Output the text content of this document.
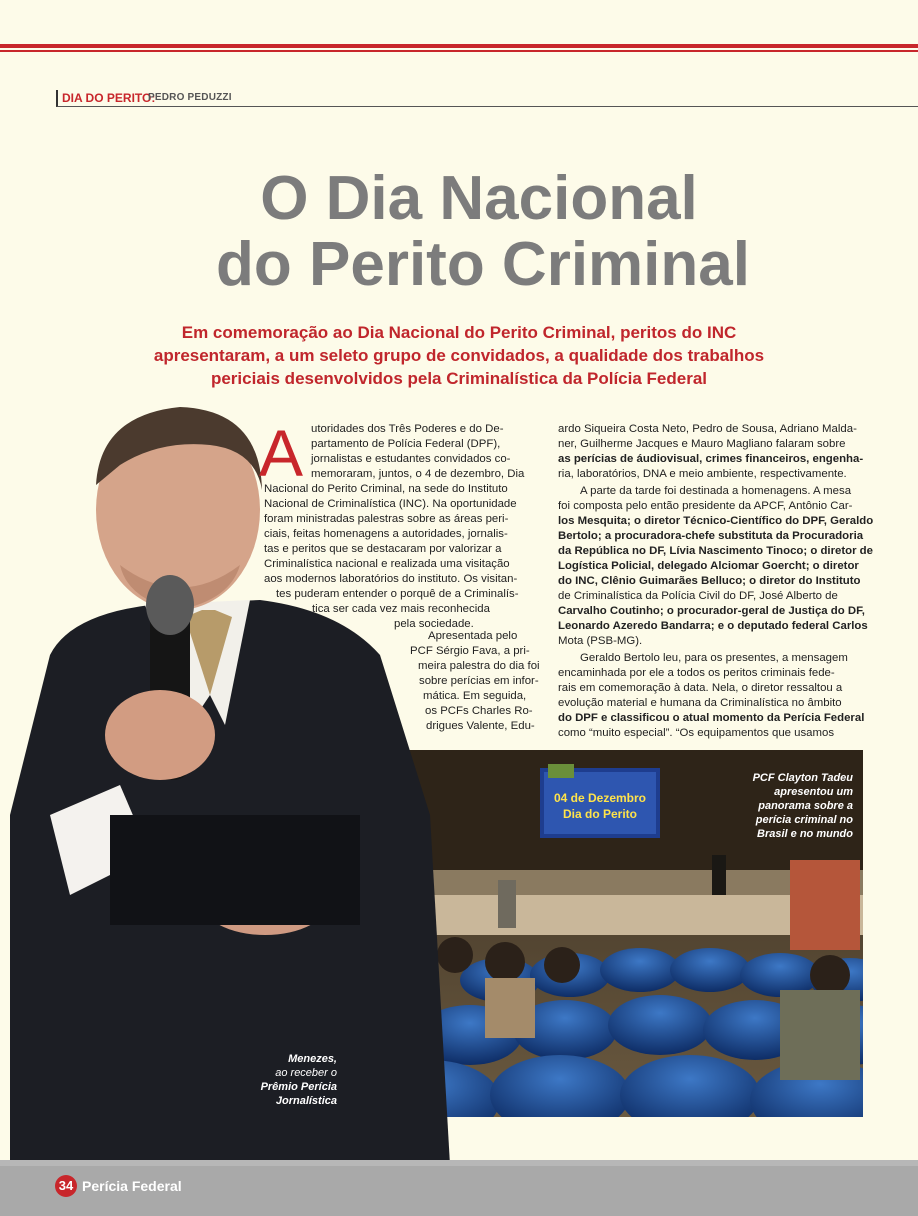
DIA DO PERITO:
PEDRO PEDUZZI
O Dia Nacional
do Perito Criminal
Em comemoração ao Dia Nacional do Perito Criminal, peritos do INC
apresentaram, a um seleto grupo de convidados, a qualidade dos trabalhos
periciais desenvolvidos pela Criminalística da Polícia Federal
04 de Dezembro
Dia do Perito
A utoridades dos Três Poderes e do De-
partamento de Polícia Federal (DPF),
jornalistas e estudantes convidados co-
memoraram, juntos, o 4 de dezembro, Dia
Nacional do Perito Criminal, na sede do Instituto
Nacional de Criminalística (INC). Na oportunidade
foram ministradas palestras sobre as áreas peri-
ciais, feitas homenagens a autoridades, jornalis-
tas e peritos que se destacaram por valorizar a
Criminalística nacional e realizada uma visitação
aos modernos laboratórios do instituto. Os visitan-
tes puderam entender o porquê de a Criminalís-
tica ser cada vez mais reconhecida
pela sociedade.
Apresentada pelo
PCF Sérgio Fava, a pri-
meira palestra do dia foi
sobre perícias em infor-
mática. Em seguida,
os PCFs Charles Ro-
drigues Valente, Edu-
ardo Siqueira Costa Neto, Pedro de Sousa, Adriano Malda-
ner, Guilherme Jacques e Mauro Magliano falaram sobre
as perícias de áudiovisual, crimes financeiros, engenha-
ria, laboratórios, DNA e meio ambiente, respectivamente.
A parte da tarde foi destinada a homenagens. A mesa
foi composta pelo então presidente da APCF, Antônio Car-
los Mesquita; o diretor Técnico-Científico do DPF, Geraldo
Bertolo; a procuradora-chefe substituta da Procuradoria
da República no DF, Lívia Nascimento Tinoco; o diretor de
Logística Policial, delegado Alciomar Goercht; o diretor
do INC, Clênio Guimarães Belluco; o diretor do Instituto
de Criminalística da Polícia Civil do DF, José Alberto de
Carvalho Coutinho; o procurador-geral de Justiça do DF,
Leonardo Azeredo Bandarra; e o deputado federal Carlos
Mota (PSB-MG).
Geraldo Bertolo leu, para os presentes, a mensagem
encaminhada por ele a todos os peritos criminais fede-
rais em comemoração à data. Nela, o diretor ressaltou a
evolução material e humana da Criminalística no âmbito
do DPF e classificou o atual momento da Perícia Federal
como “muito especial”. “Os equipamentos que usamos
PCF Clayton Tadeu
apresentou um
panorama sobre a
perícia criminal no
Brasil e no mundo
Menezes,
ao receber o
Prêmio Perícia
Jornalística
34 Perícia Federal
